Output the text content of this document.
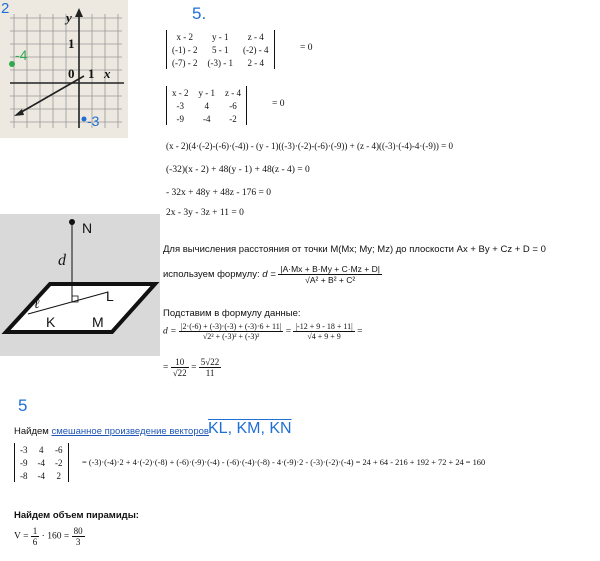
2
y
1
0 1 x
-4
-3
N
d
ℓ	L
K	M
5.
x - 2	y - 1	z - 4
(-1) - 2	5 - 1	(-2) - 4
(-7) - 2	(-3) - 1	2 - 4
= 0
x - 2	y - 1	z - 4
-3	4	-6
-9	-4	-2
= 0
(x - 2)(4·(-2)-(-6)·(-4)) - (y - 1)((-3)·(-2)-(-6)·(-9)) + (z - 4)((-3)·(-4)-4·(-9)) = 0
(-32)(x - 2) + 48(y - 1) + 48(z - 4) = 0
- 32x + 48y + 48z - 176 = 0
2x - 3y - 3z + 11 = 0
Для вычисления расстояния от точки M(Mx; My; Mz) до плоскости Ax + By + Cz + D = 0
используем формулу: $d = \frac{|A\cdot Mx + B\cdot My + C\cdot Mz + D|}{\text{√A² + B² + C²}}$
Подставим в формулу данные:
$d = \frac{|2\cdot(-6) + (-3)\cdot(-3) + (-3)\cdot 6 + 11|}{\text{√2² + (-3)² + (-3)²}} = \frac{|-12 + 9 - 18 + 11|}{√4 + 9 + 9}$ =
= $\frac{10}{√22} = \frac{5√22}{11}$
5
Найдем смешанное произведение векторов KL, KM, KN
-3	4	-6
-9	-4	-2
-8	-4	2
= (-3)·(-4)·2 + 4·(-2)·(-8) + (-6)·(-9)·(-4) - (-6)·(-4)·(-8) - 4·(-9)·2 - (-3)·(-2)·(-4) = 24 + 64 - 216 + 192 + 72 + 24 = 160
Найдем объем пирамиды:
$V = \frac{1}{6} \cdot 160 = \frac{80}{3}$
